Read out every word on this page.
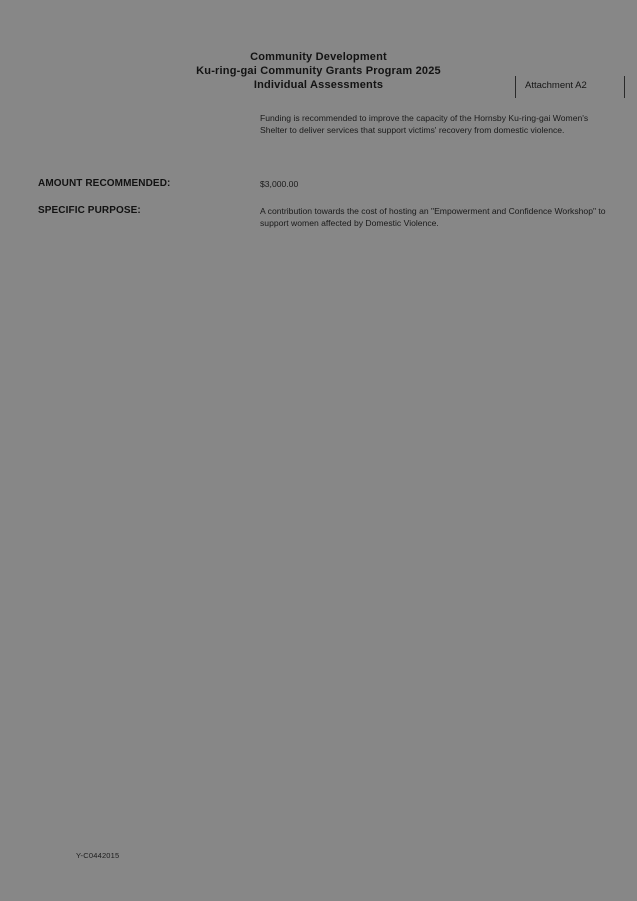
Community Development
Ku-ring-gai Community Grants Program 2025
Individual Assessments	Attachment A2

Funding is recommended to improve the capacity of the Hornsby Ku-ring-gai Women's Shelter to deliver services that support victims' recovery from domestic violence.

AMOUNT RECOMMENDED:	$3,000.00
SPECIFIC PURPOSE:	A contribution towards the cost of hosting an "Empowerment and Confidence Workshop" to support women affected by Domestic Violence.
Y-C0442015
